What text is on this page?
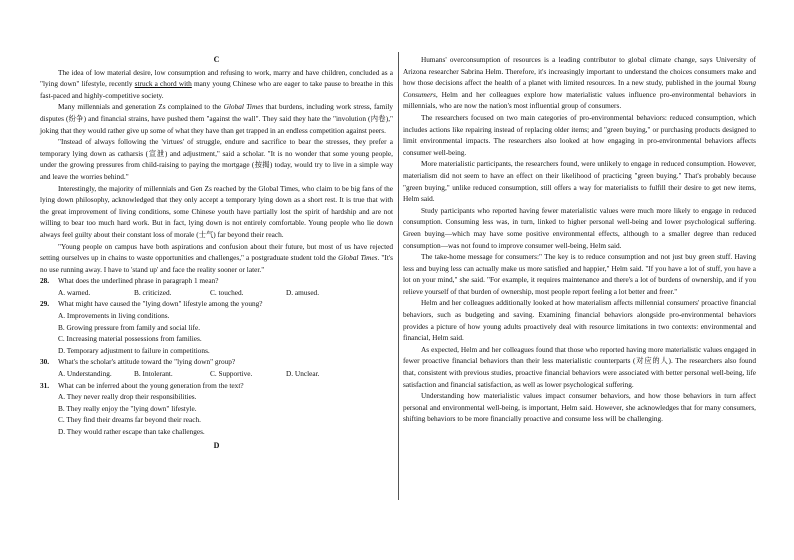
C

The idea of low material desire, low consumption and refusing to work, marry and have children, concluded as a "lying down" lifestyle, recently struck a chord with many young Chinese who are eager to take pause to breathe in this fast-paced and highly-competitive society.

Many millennials and generation Zs complained to the Global Times that burdens, including work stress, family disputes (纷争) and financial strains, have pushed them "against the wall". They said they hate the "involution (内卷)," joking that they would rather give up some of what they have than get trapped in an endless competition against peers.

"Instead of always following the 'virtues' of struggle, endure and sacrifice to bear the stresses, they prefer a temporary lying down as catharsis (宣泄) and adjustment," said a scholar. "It is no wonder that some young people, under the growing pressures from child-raising to paying the mortgage (按揭) today, would try to live in a simple way and leave the worries behind."

Interestingly, the majority of millennials and Gen Zs reached by the Global Times, who claim to be big fans of the lying down philosophy, acknowledged that they only accept a temporary lying down as a short rest. It is true that with the great improvement of living conditions, some Chinese youth have partially lost the spirit of hardship and are not willing to bear too much hard work. But in fact, lying down is not entirely comfortable. Young people who lie down always feel guilty about their constant loss of morale (士气) far beyond their reach.

"Young people on campus have both aspirations and confusion about their future, but most of us have rejected setting ourselves up in chains to waste opportunities and challenges," a postgraduate student told the Global Times. "It's no use running away. I have to 'stand up' and face the reality sooner or later."

28.	What does the underlined phrase in paragraph 1 mean?
A. warned.	B. criticized.	C. touched.	D. amused.
29.	What might have caused the "lying down" lifestyle among the young?
A. Improvements in living conditions.
B. Growing pressure from family and social life.
C. Increasing material possessions from families.
D. Temporary adjustment to failure in competitions.
30.	What's the scholar's attitude toward the "lying down" group?
A. Understanding.	B. Intolerant.	C. Supportive.	D. Unclear.
31.	What can be inferred about the young generation from the text?
A. They never really drop their responsibilities.
B. They really enjoy the "lying down" lifestyle.
C. They find their dreams far beyond their reach.
D. They would rather escape than take challenges.
D

Humans' overconsumption of resources is a leading contributor to global climate change, says University of Arizona researcher Sabrina Helm. Therefore, it's increasingly important to understand the choices consumers make and how those decisions affect the health of a planet with limited resources. In a new study, published in the journal Young Consumers, Helm and her colleagues explore how materialistic values influence pro-environmental behaviors in millennials, who are now the nation's most influential group of consumers.

The researchers focused on two main categories of pro-environmental behaviors: reduced consumption, which includes actions like repairing instead of replacing older items; and "green buying," or purchasing products designed to limit environmental impacts. The researchers also looked at how engaging in pro-environmental behaviors affects consumer well-being.

More materialistic participants, the researchers found, were unlikely to engage in reduced consumption. However, materialism did not seem to have an effect on their likelihood of practicing "green buying." That's probably because "green buying," unlike reduced consumption, still offers a way for materialists to fulfill their desire to get new items, Helm said.

Study participants who reported having fewer materialistic values were much more likely to engage in reduced consumption. Consuming less was, in turn, linked to higher personal well-being and lower psychological suffering. Green buying—which may have some positive environmental effects, although to a smaller degree than reduced consumption—was not found to improve consumer well-being, Helm said.

The take-home message for consumers:" The key is to reduce consumption and not just buy green stuff. Having less and buying less can actually make us more satisfied and happier," Helm said. "If you have a lot of stuff, you have a lot on your mind," she said. "For example, it requires maintenance and there's a lot of burdens of ownership, and if you relieve yourself of that burden of ownership, most people report feeling a lot better and freer."

Helm and her colleagues additionally looked at how materialism affects millennial consumers' proactive financial behaviors, such as budgeting and saving. Examining financial behaviors alongside pro-environmental behaviors provides a picture of how young adults proactively deal with resource limitations in two contexts: environmental and financial, Helm said.

As expected, Helm and her colleagues found that those who reported having more materialistic values engaged in fewer proactive financial behaviors than their less materialistic counterparts (对应的人). The researchers also found that, consistent with previous studies, proactive financial behaviors were associated with better personal well-being, life satisfaction and financial satisfaction, as well as lower psychological suffering.

Understanding how materialistic values impact consumer behaviors, and how those behaviors in turn affect personal and environmental well-being, is important, Helm said. However, she acknowledges that for many consumers, shifting behaviors to be more financially proactive and consume less will be challenging.
